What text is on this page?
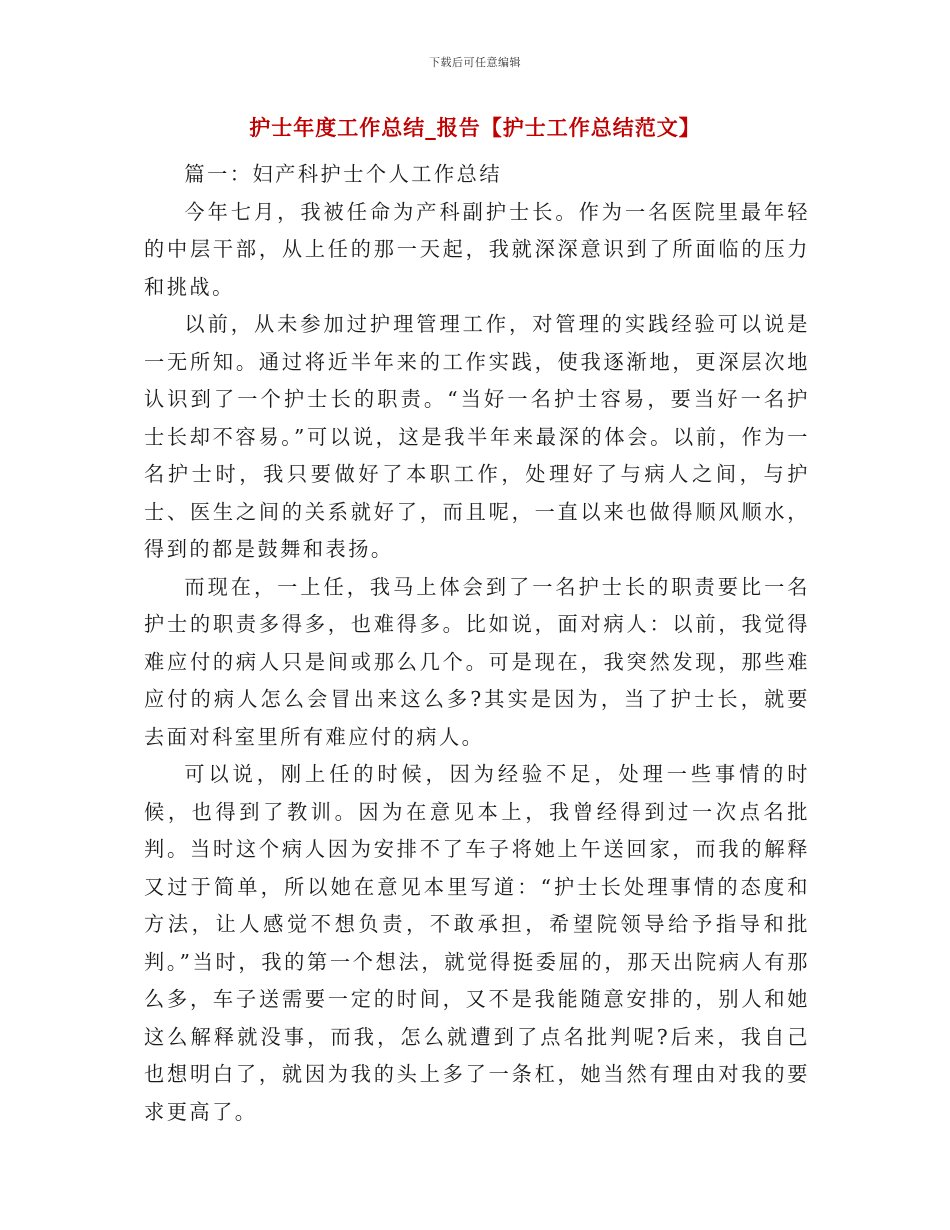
下载后可任意编辑
护士年度工作总结_报告【护士工作总结范文】

篇一：妇产科护士个人工作总结

今年七月，我被任命为产科副护士长。作为一名医院里最年轻的中层干部，从上任的那一天起，我就深深意识到了所面临的压力和挑战。

以前，从未参加过护理管理工作，对管理的实践经验可以说是一无所知。通过将近半年来的工作实践，使我逐渐地，更深层次地认识到了一个护士长的职责。“当好一名护士容易，要当好一名护士长却不容易。”可以说，这是我半年来最深的体会。以前，作为一名护士时，我只要做好了本职工作，处理好了与病人之间，与护士、医生之间的关系就好了，而且呢，一直以来也做得顺风顺水，得到的都是鼓舞和表扬。

而现在，一上任，我马上体会到了一名护士长的职责要比一名护士的职责多得多，也难得多。比如说，面对病人：以前，我觉得难应付的病人只是间或那么几个。可是现在，我突然发现，那些难应付的病人怎么会冒出来这么多?其实是因为，当了护士长，就要去面对科室里所有难应付的病人。

可以说，刚上任的时候，因为经验不足，处理一些事情的时候，也得到了教训。因为在意见本上，我曾经得到过一次点名批判。当时这个病人因为安排不了车子将她上午送回家，而我的解释又过于简单，所以她在意见本里写道：“护士长处理事情的态度和方法，让人感觉不想负责，不敢承担，希望院领导给予指导和批判。”当时，我的第一个想法，就觉得挺委屈的，那天出院病人有那么多，车子送需要一定的时间，又不是我能随意安排的，别人和她这么解释就没事，而我，怎么就遭到了点名批判呢?后来，我自己也想明白了，就因为我的头上多了一条杠，她当然有理由对我的要求更高了。
